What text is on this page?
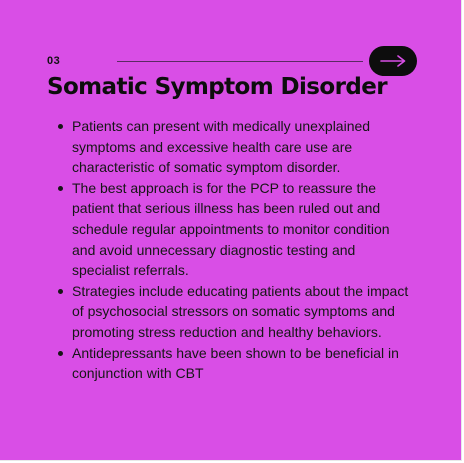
03
Somatic Symptom Disorder
Patients can present with medically unexplained symptoms and excessive health care use are characteristic of somatic symptom disorder.
The best approach is for the PCP to reassure the patient that serious illness has been ruled out and schedule regular appointments to monitor condition and avoid unnecessary diagnostic testing and specialist referrals.
Strategies include educating patients about the impact of psychosocial stressors on somatic symptoms and promoting stress reduction and healthy behaviors.
Antidepressants have been shown to be beneficial in conjunction with CBT
